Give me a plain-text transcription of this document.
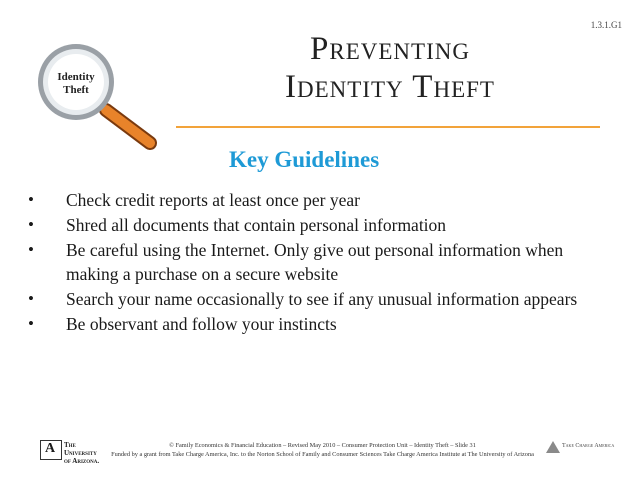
1.3.1.G1
Identity
Theft
Preventing
Identity Theft
Key Guidelines
• Check credit reports at least once per year
• Shred all documents that contain personal information
• Be careful using the Internet. Only give out personal information when making a purchase on a secure website
• Search your name occasionally to see if any unusual information appears
• Be observant and follow your instincts
A
The University
of Arizona.
© Family Economics & Financial Education – Revised May 2010 – Consumer Protection Unit – Identity Theft – Slide 31
Funded by a grant from Take Charge America, Inc. to the Norton School of Family and Consumer Sciences Take Charge America Institute at The University of Arizona
Take Charge America
